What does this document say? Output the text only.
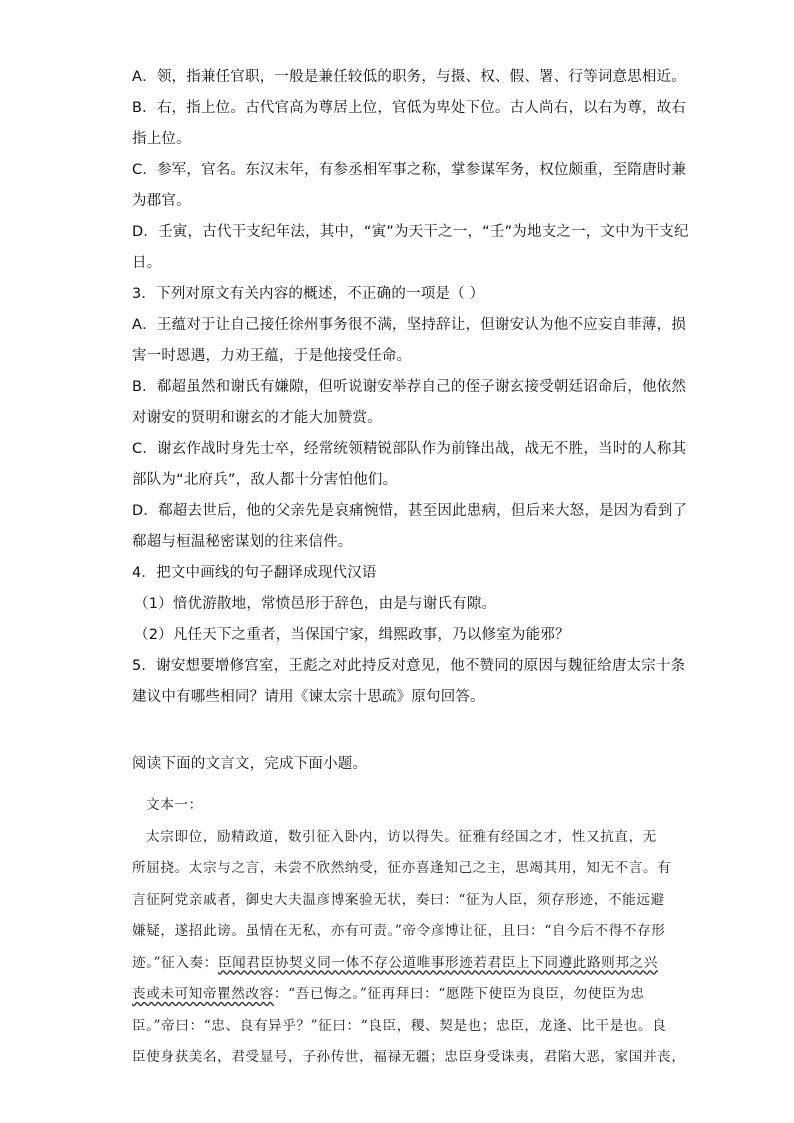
A．领，指兼任官职，一般是兼任较低的职务，与摄、权、假、署、行等词意思相近。
B．右，指上位。古代官高为尊居上位，官低为卑处下位。古人尚右，以右为尊，故右
指上位。
C．参军，官名。东汉末年，有参丞相军事之称，掌参谋军务，权位颇重，至隋唐时兼
为郡官。
D．壬寅，古代干支纪年法，其中，“寅”为天干之一，“壬”为地支之一，文中为干支纪
日。
3．下列对原文有关内容的概述，不正确的一项是（ ）
A．王蕴对于让自己接任徐州事务很不满，坚持辞让，但谢安认为他不应妄自菲薄，损
害一时恩遇，力劝王蕴，于是他接受任命。
B．郗超虽然和谢氏有嫌隙，但听说谢安举荐自己的侄子谢玄接受朝廷诏命后，他依然
对谢安的贤明和谢玄的才能大加赞赏。
C．谢玄作战时身先士卒，经常统领精锐部队作为前锋出战，战无不胜，当时的人称其
部队为“北府兵”，敌人都十分害怕他们。
D．郗超去世后，他的父亲先是哀痛惋惜，甚至因此患病，但后来大怒，是因为看到了
郗超与桓温秘密谋划的往来信件。
4．把文中画线的句子翻译成现代汉语
（1）愔优游散地，常愤邑形于辞色，由是与谢氏有隙。
（2）凡任天下之重者，当保国宁家，缉熙政事，乃以修室为能邪？
5．谢安想要增修宫室，王彪之对此持反对意见，他不赞同的原因与魏征给唐太宗十条
建议中有哪些相同？请用《谏太宗十思疏》原句回答。
阅读下面的文言文，完成下面小题。
文本一：
太宗即位，励精政道，数引征入卧内，访以得失。征雅有经国之才，性又抗直，无
所屈挠。太宗与之言，未尝不欣然纳受，征亦喜逢知己之主，思竭其用，知无不言。有
言征阿党亲戚者，御史大夫温彦博案验无状，奏曰：“征为人臣，须存形迹，不能远避
嫌疑，遂招此谤。虽情在无私，亦有可责。”帝令彦博让征，且曰：“自今后不得不存形
迹。”征入奏：臣闻君臣协契义同一体不存公道唯事形迹若君臣上下同遵此路则邦之兴
丧或未可知帝瞿然改容：“吾已悔之。”征再拜曰：“愿陛下使臣为良臣，勿使臣为忠
臣。”帝曰：“忠、良有异乎？”征曰：“良臣，稷、契是也；忠臣，龙逢、比干是也。良
臣使身获美名，君受显号，子孙传世，福禄无疆；忠臣身受诛夷，君陷大恶，家国并丧，
